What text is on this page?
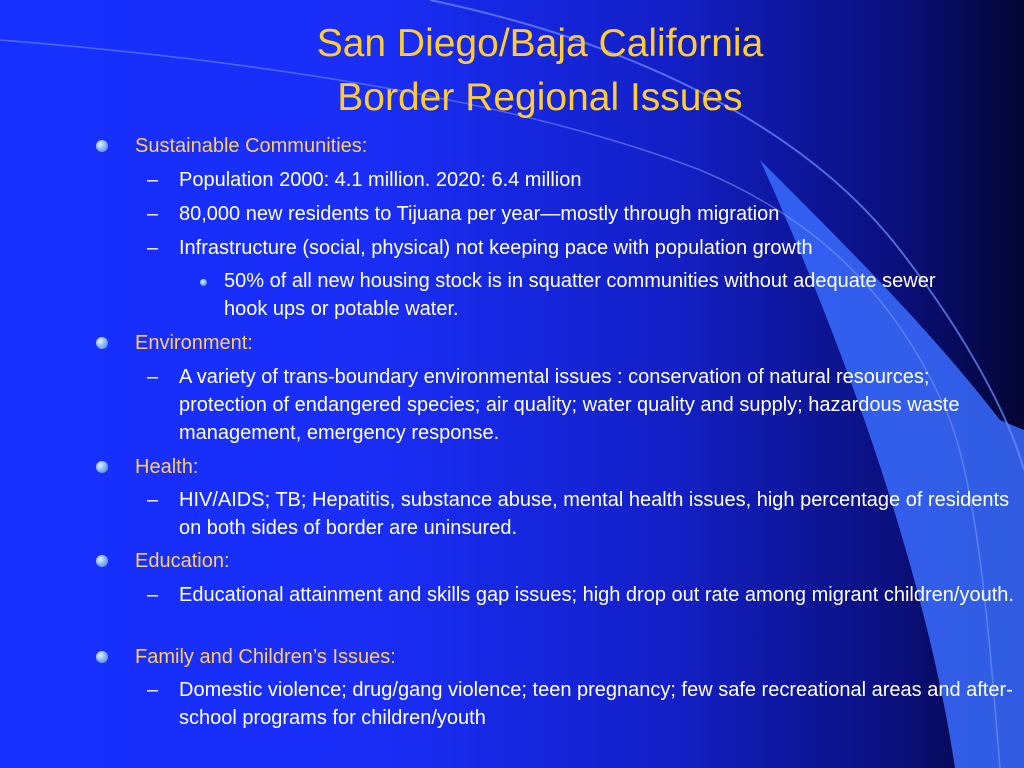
San Diego/Baja California
Border Regional Issues
Sustainable Communities:
– Population 2000: 4.1 million. 2020: 6.4 million
– 80,000 new residents to Tijuana per year—mostly through migration
– Infrastructure (social, physical) not keeping pace with population growth
50% of all new housing stock is in squatter communities without adequate sewer hook ups or potable water.
Environment:
– A variety of trans-boundary environmental issues : conservation of natural resources; protection of endangered species; air quality; water quality and supply; hazardous waste management, emergency response.
Health:
– HIV/AIDS; TB; Hepatitis, substance abuse, mental health issues, high percentage of residents on both sides of border are uninsured.
Education:
– Educational attainment and skills gap issues; high drop out rate among migrant children/youth.
Family and Children’s Issues:
– Domestic violence; drug/gang violence; teen pregnancy; few safe recreational areas and after-school programs for children/youth
